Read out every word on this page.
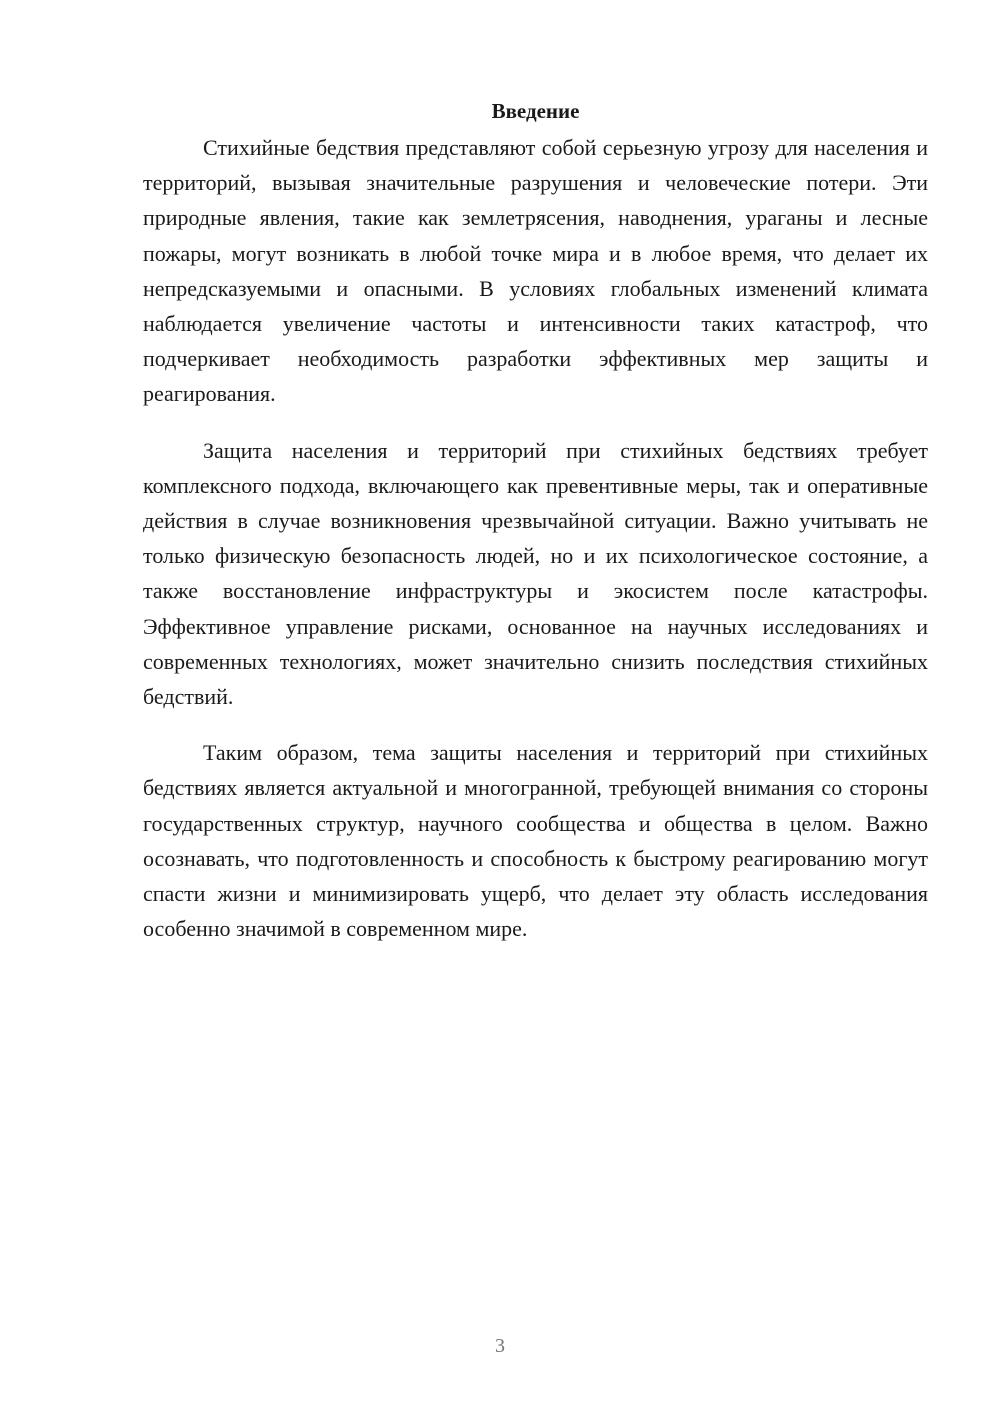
Введение

Стихийные бедствия представляют собой серьезную угрозу для населения и территорий, вызывая значительные разрушения и человеческие потери. Эти природные явления, такие как землетрясения, наводнения, ураганы и лесные пожары, могут возникать в любой точке мира и в любое время, что делает их непредсказуемыми и опасными. В условиях глобальных изменений климата наблюдается увеличение частоты и интенсивности таких катастроф, что подчеркивает необходимость разработки эффективных мер защиты и реагирования.

Защита населения и территорий при стихийных бедствиях требует комплексного подхода, включающего как превентивные меры, так и оперативные действия в случае возникновения чрезвычайной ситуации. Важно учитывать не только физическую безопасность людей, но и их психологическое состояние, а также восстановление инфраструктуры и экосистем после катастрофы. Эффективное управление рисками, основанное на научных исследованиях и современных технологиях, может значительно снизить последствия стихийных бедствий.

Таким образом, тема защиты населения и территорий при стихийных бедствиях является актуальной и многогранной, требующей внимания со стороны государственных структур, научного сообщества и общества в целом. Важно осознавать, что подготовленность и способность к быстрому реагированию могут спасти жизни и минимизировать ущерб, что делает эту область исследования особенно значимой в современном мире.

3
